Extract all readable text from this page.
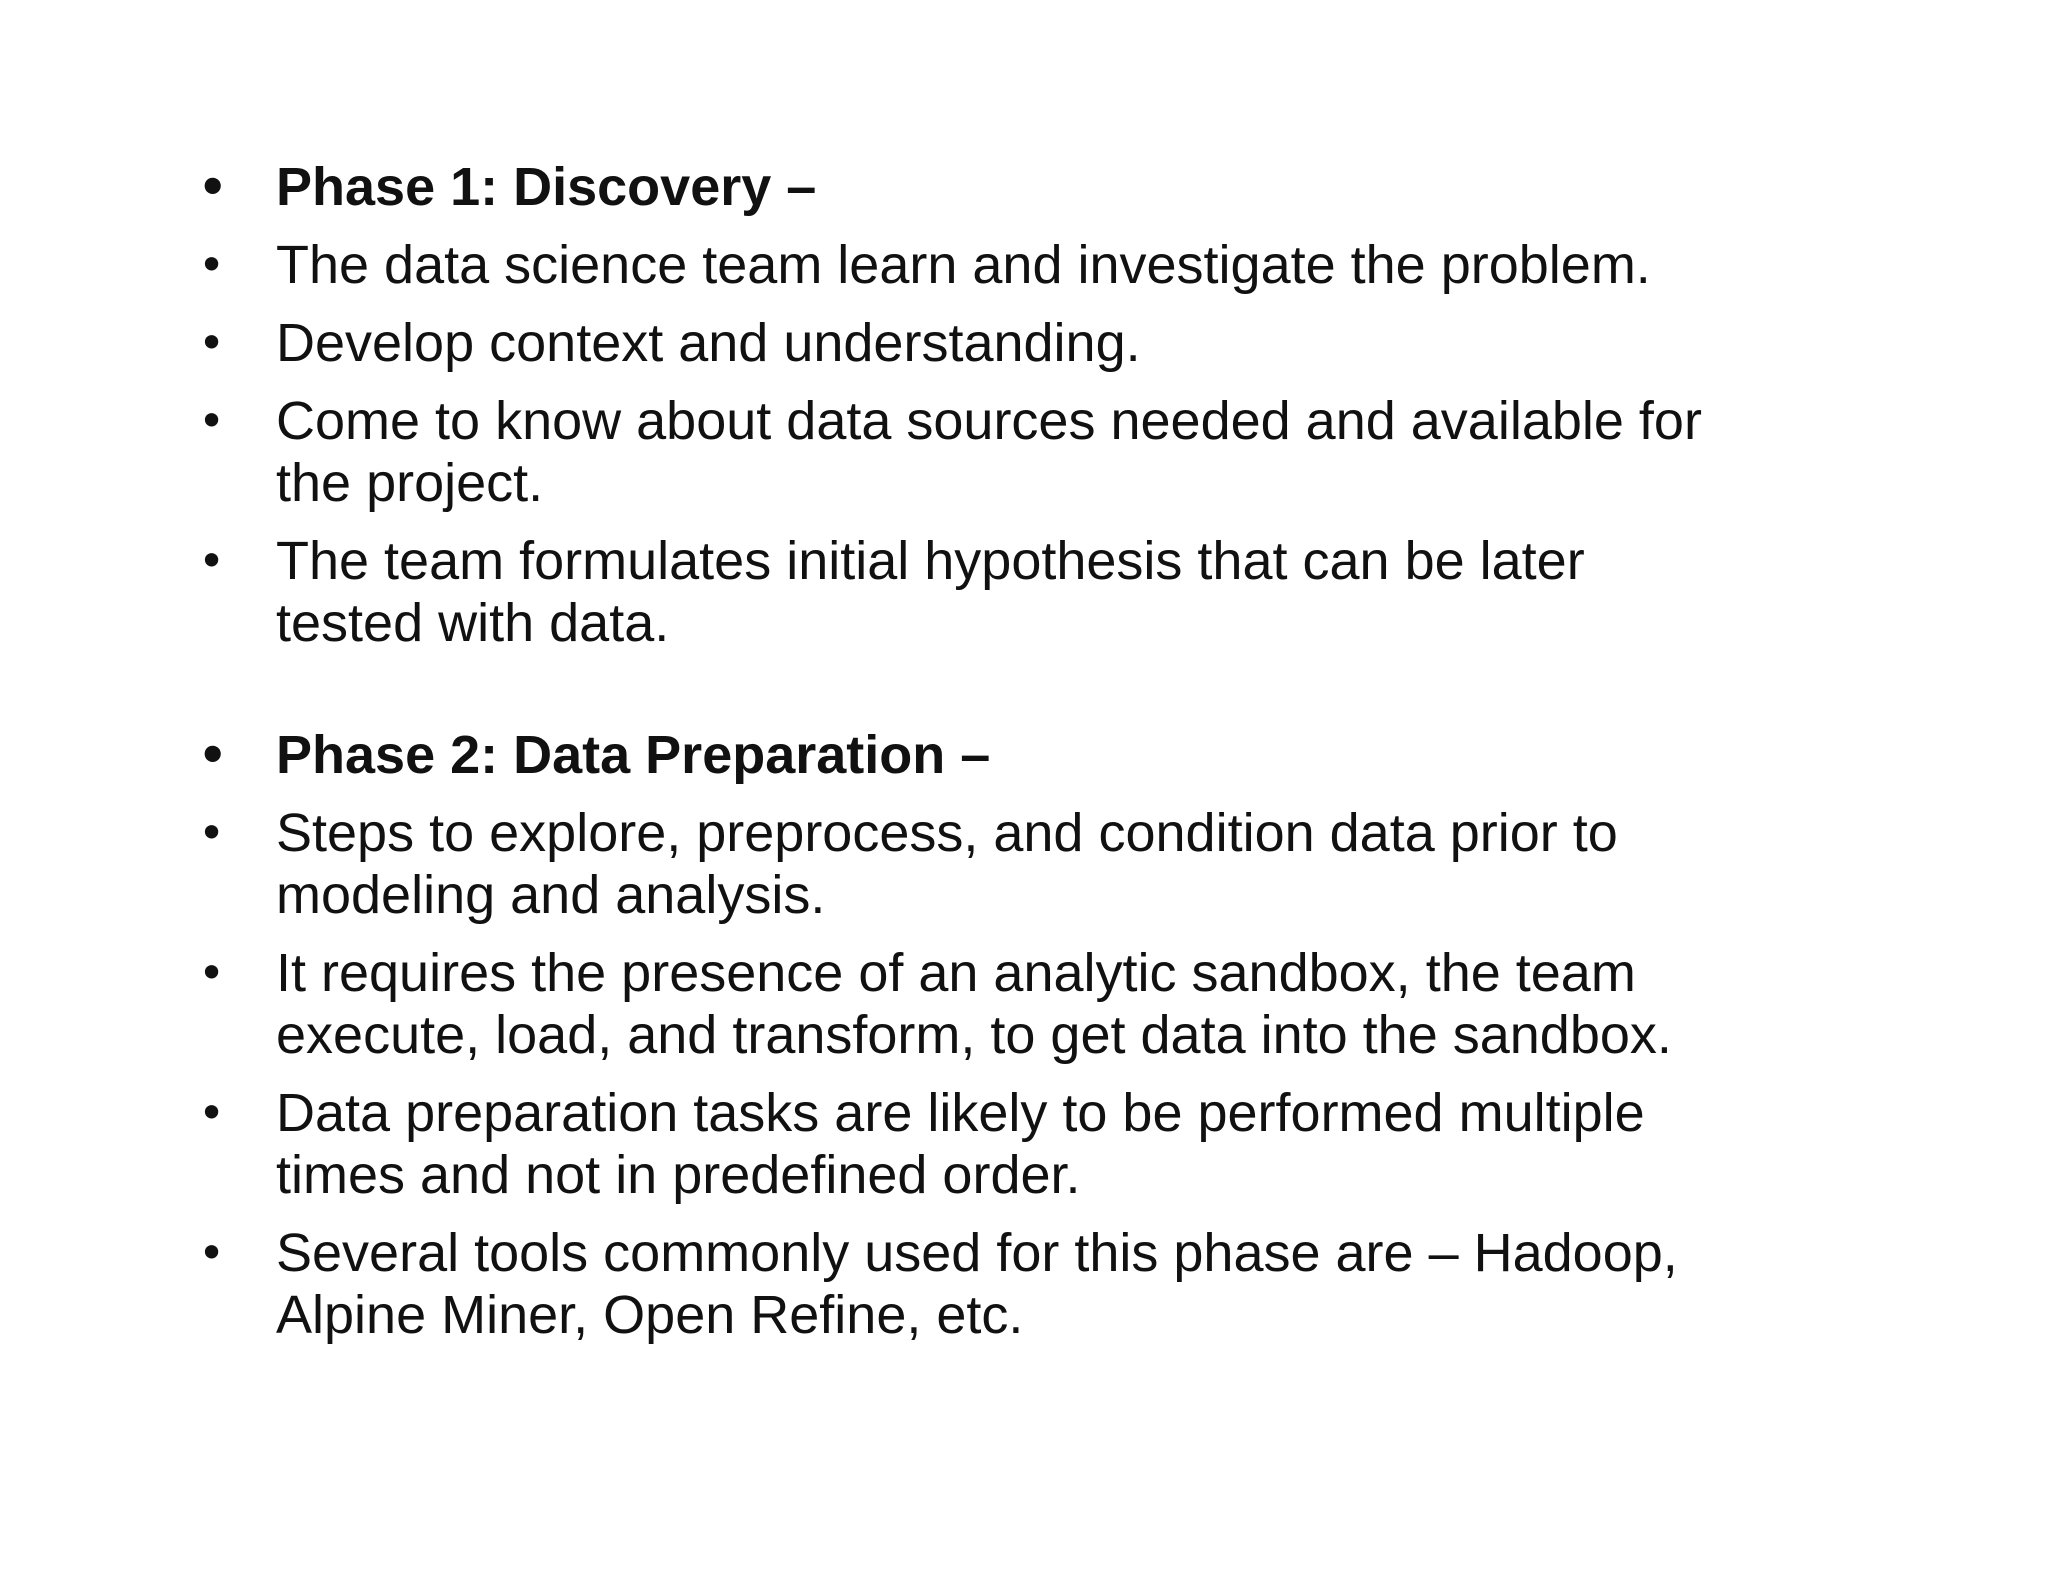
• Phase 1: Discovery –
• The data science team learn and investigate the problem.
• Develop context and understanding.
• Come to know about data sources needed and available for
the project.
• The team formulates initial hypothesis that can be later
tested with data.
• Phase 2: Data Preparation –
• Steps to explore, preprocess, and condition data prior to
modeling and analysis.
• It requires the presence of an analytic sandbox, the team
execute, load, and transform, to get data into the sandbox.
• Data preparation tasks are likely to be performed multiple
times and not in predefined order.
• Several tools commonly used for this phase are – Hadoop,
Alpine Miner, Open Refine, etc.
